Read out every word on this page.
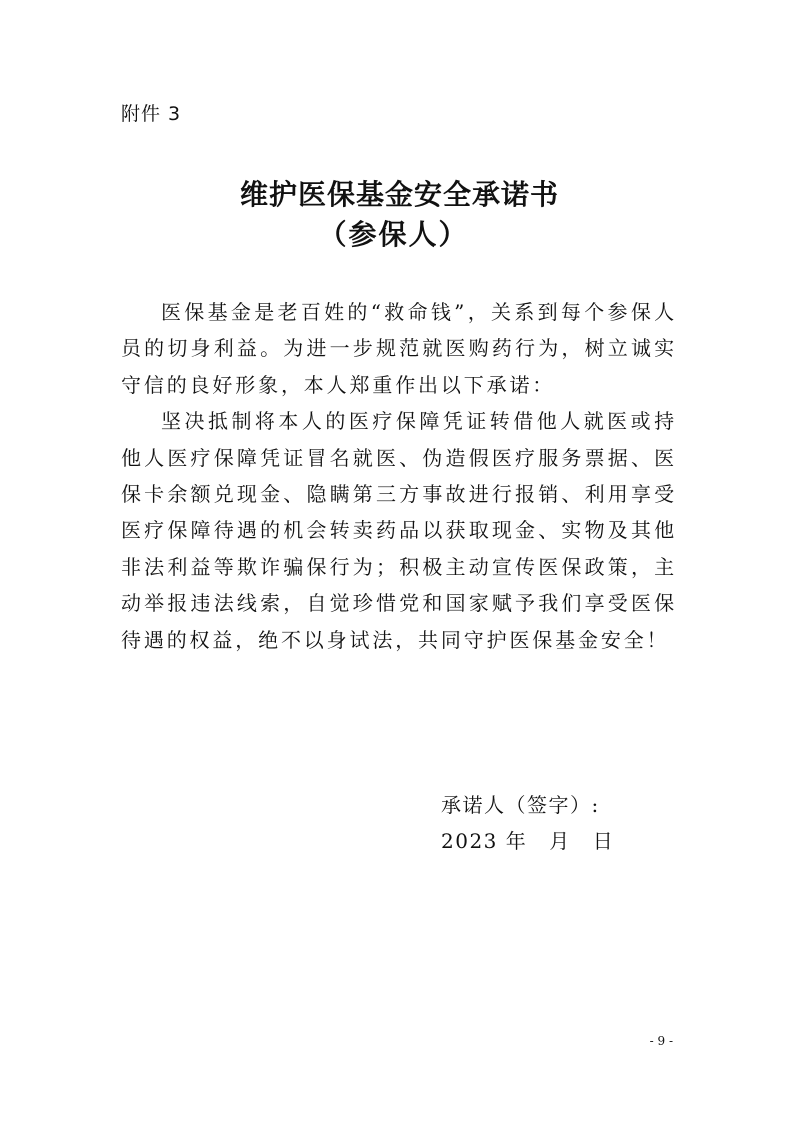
附件 3
维护医保基金安全承诺书
（参保人）

医保基金是老百姓的“救命钱”，关系到每个参保人员的切身利益。为进一步规范就医购药行为，树立诚实守信的良好形象，本人郑重作出以下承诺：

坚决抵制将本人的医疗保障凭证转借他人就医或持他人医疗保障凭证冒名就医、伪造假医疗服务票据、医保卡余额兑现金、隐瞒第三方事故进行报销、利用享受医疗保障待遇的机会转卖药品以获取现金、实物及其他非法利益等欺诈骗保行为；积极主动宣传医保政策，主动举报违法线索，自觉珍惜党和国家赋予我们享受医保待遇的权益，绝不以身试法，共同守护医保基金安全！

承诺人（签字）:
2023 年 月 日
- 9 -
